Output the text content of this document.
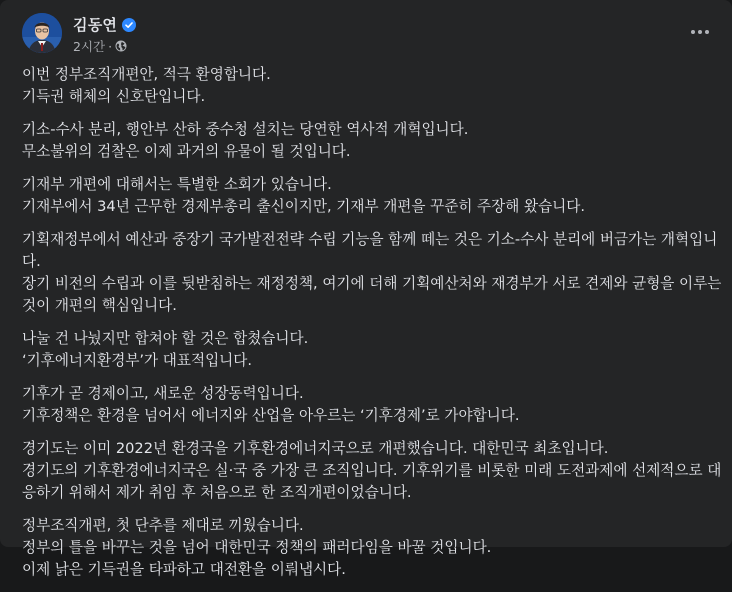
김동연
2시간 ·

이번 정부조직개편안, 적극 환영합니다.
기득권 해체의 신호탄입니다.

기소-수사 분리, 행안부 산하 중수청 설치는 당연한 역사적 개혁입니다.
무소불위의 검찰은 이제 과거의 유물이 될 것입니다.

기재부 개편에 대해서는 특별한 소회가 있습니다.
기재부에서 34년 근무한 경제부총리 출신이지만, 기재부 개편을 꾸준히 주장해 왔습니다.

기획재정부에서 예산과 중장기 국가발전전략 수립 기능을 함께 떼는 것은 기소-수사 분리에 버금가는 개혁입니다.
장기 비전의 수립과 이를 뒷받침하는 재정정책, 여기에 더해 기획예산처와 재경부가 서로 견제와 균형을 이루는 것이 개편의 핵심입니다.

나눌 건 나눴지만 합쳐야 할 것은 합쳤습니다.
‘기후에너지환경부’가 대표적입니다.

기후가 곧 경제이고, 새로운 성장동력입니다.
기후정책은 환경을 넘어서 에너지와 산업을 아우르는 ‘기후경제’로 가야합니다.

경기도는 이미 2022년 환경국을 기후환경에너지국으로 개편했습니다. 대한민국 최초입니다.
경기도의 기후환경에너지국은 실·국 중 가장 큰 조직입니다. 기후위기를 비롯한 미래 도전과제에 선제적으로 대응하기 위해서 제가 취임 후 처음으로 한 조직개편이었습니다.

정부조직개편, 첫 단추를 제대로 끼웠습니다.
정부의 틀을 바꾸는 것을 넘어 대한민국 정책의 패러다임을 바꿀 것입니다.
이제 낡은 기득권을 타파하고 대전환을 이뤄냅시다.
